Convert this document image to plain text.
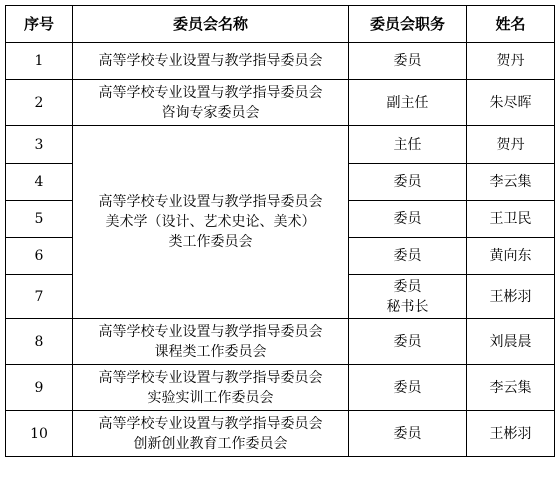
序号	委员会名称	委员会职务	姓名
1	高等学校专业设置与教学指导委员会	委员	贺丹
2	高等学校专业设置与教学指导委员会
咨询专家委员会	副主任	朱尽晖
3	高等学校专业设置与教学指导委员会
美术学（设计、艺术史论、美术）
类工作委员会	主任	贺丹
4		委员	李云集
5		委员	王卫民
6		委员	黄向东
7		委员
秘书长	王彬羽
8	高等学校专业设置与教学指导委员会
课程类工作委员会	委员	刘晨晨
9	高等学校专业设置与教学指导委员会
实验实训工作委员会	委员	李云集
10	高等学校专业设置与教学指导委员会
创新创业教育工作委员会	委员	王彬羽
